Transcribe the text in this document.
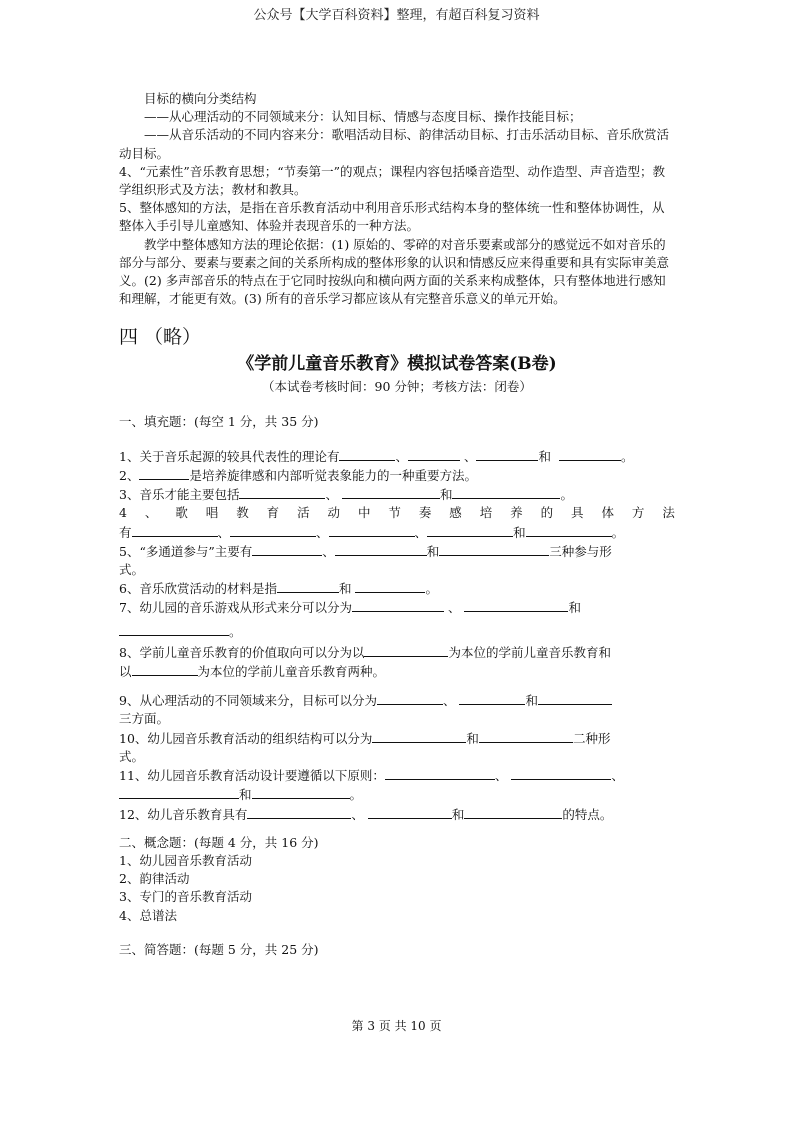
公众号【大学百科资料】整理，有超百科复习资料

目标的横向分类结构

——从心理活动的不同领域来分：认知目标、情感与态度目标、操作技能目标；

——从音乐活动的不同内容来分：歌唱活动目标、韵律活动目标、打击乐活动目标、音乐欣赏活动目标。

4、“元素性”音乐教育思想；“节奏第一”的观点；课程内容包括嗓音造型、动作造型、声音造型；教学组织形式及方法；教材和教具。

5、整体感知的方法，是指在音乐教育活动中利用音乐形式结构本身的整体统一性和整体协调性，从整体入手引导儿童感知、体验并表现音乐的一种方法。

教学中整体感知方法的理论依据：(1) 原始的、零碎的对音乐要素或部分的感觉远不如对音乐的部分与部分、要素与要素之间的关系所构成的整体形象的认识和情感反应来得重要和具有实际审美意义。(2) 多声部音乐的特点在于它同时按纵向和横向两方面的关系来构成整体，只有整体地进行感知和理解，才能更有效。(3) 所有的音乐学习都应该从有完整音乐意义的单元开始。

四 （略）
《学前儿童音乐教育》模拟试卷答案(B卷)
（本试卷考核时间：90 分钟；考核方法：闭卷）

一、填充题：(每空 1 分，共 35 分)

1、关于音乐起源的较具代表性的理论有	、	、	和	。

2、	是培养旋律感和内部听觉表象能力的一种重要方法。

3、音乐才能主要包括	、	和	。

4 、 歌 唱 教 育 活 动 中 节 奏 感 培 养 的 具 体 方 法

有	、	、	、	和	。

5、“多通道参与”主要有	、	和	三种参与形

式。

6、音乐欣赏活动的材料是指	和	。

7、幼儿园的音乐游戏从形式来分可以分为	、	和

。

8、学前儿童音乐教育的价值取向可以分为以	为本位的学前儿童音乐教育和

以	为本位的学前儿童音乐教育两种。

9、从心理活动的不同领域来分，目标可以分为	、	和

三方面。

10、幼儿园音乐教育活动的组织结构可以分为	和	二种形

式。

11、幼儿园音乐教育活动设计要遵循以下原则：	、	、

和	。

12、幼儿音乐教育具有	、	和	的特点。

二、概念题：(每题 4 分，共 16 分)

1、幼儿园音乐教育活动

2、韵律活动

3、专门的音乐教育活动

4、总谱法

三、简答题：(每题 5 分，共 25 分)

第 3 页 共 10 页
